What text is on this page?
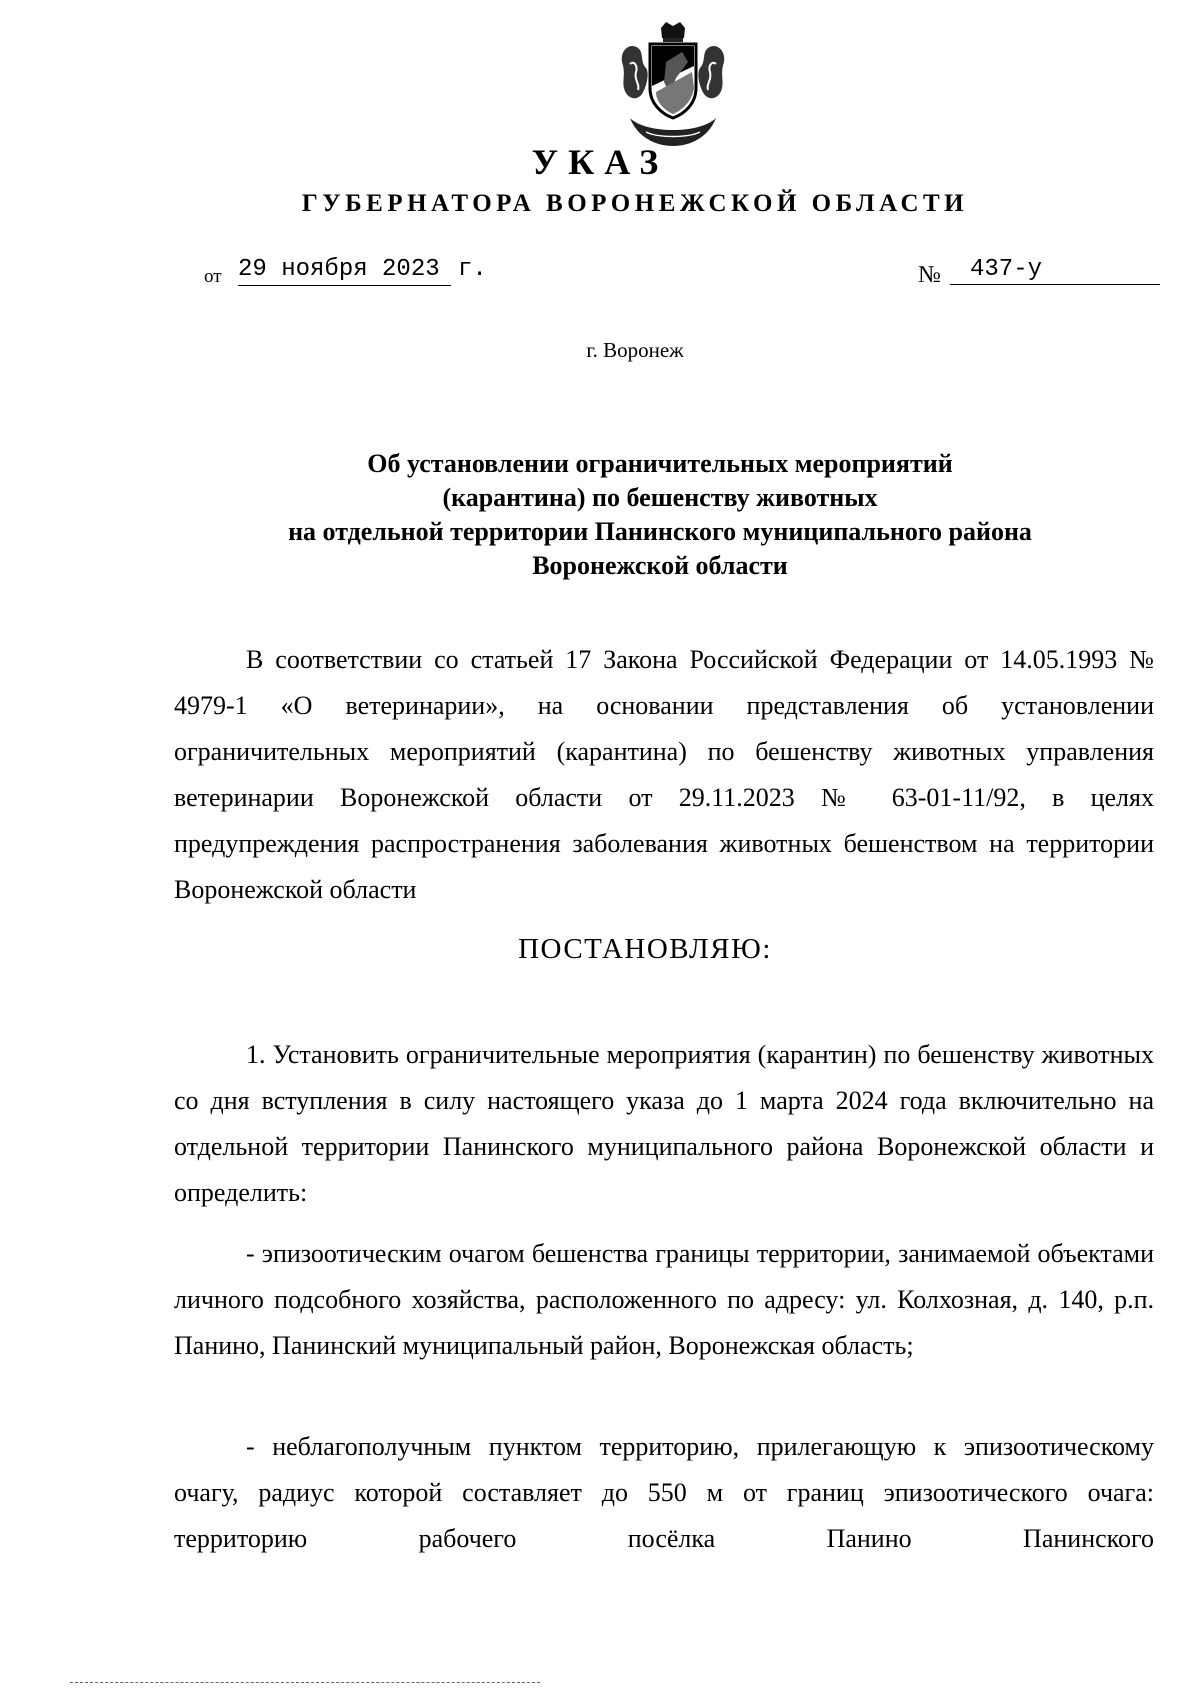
УКАЗ
ГУБЕРНАТОРА ВОРОНЕЖСКОЙ ОБЛАСТИ
от 29 ноября 2023 г.	№	437-у
г. Воронеж
Об установлении ограничительных мероприятий
(карантина) по бешенству животных
на отдельной территории Панинского муниципального района
Воронежской области
В соответствии со статьей 17 Закона Российской Федерации от 14.05.1993 № 4979-1 «О ветеринарии», на основании представления об установлении ограничительных мероприятий (карантина) по бешенству животных управления ветеринарии Воронежской области от 29.11.2023 № 63-01-11/92, в целях предупреждения распространения заболевания животных бешенством на территории Воронежской области
ПОСТАНОВЛЯЮ:
1. Установить ограничительные мероприятия (карантин) по бешенству животных со дня вступления в силу настоящего указа до 1 марта 2024 года включительно на отдельной территории Панинского муниципального района Воронежской области и определить:
- эпизоотическим очагом бешенства границы территории, занимаемой объектами личного подсобного хозяйства, расположенного по адресу: ул. Колхозная, д. 140, р.п. Панино, Панинский муниципальный район, Воронежская область;
- неблагополучным пунктом территорию, прилегающую к эпизоотическому очагу, радиус которой составляет до 550 м от границ эпизоотического очага: территорию рабочего посёлка Панино Панинского
